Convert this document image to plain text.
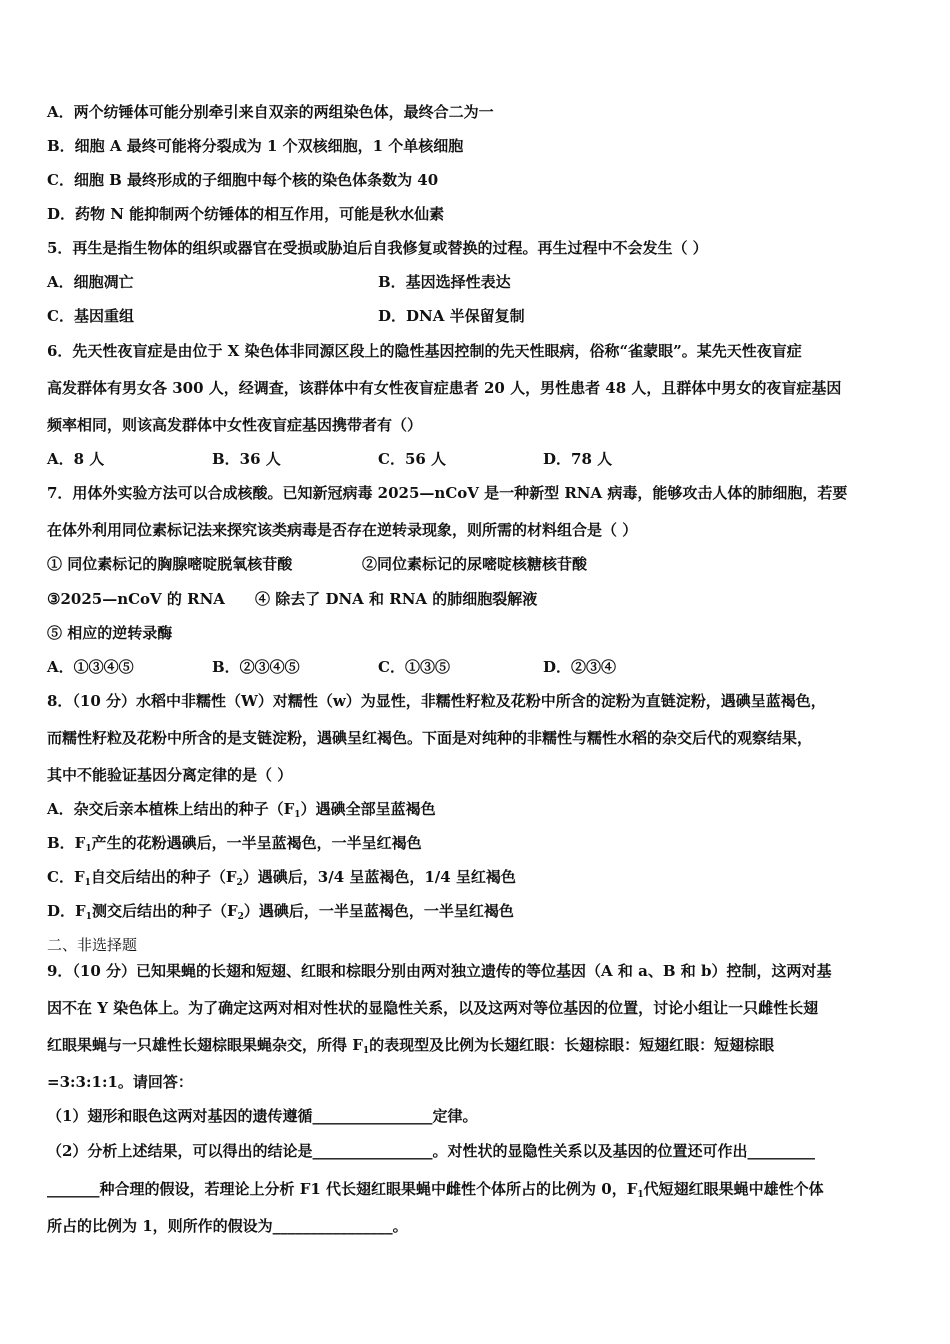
A．两个纺锤体可能分别牵引来自双亲的两组染色体，最终合二为一
B．细胞 A 最终可能将分裂成为 1 个双核细胞，1 个单核细胞
C．细胞 B 最终形成的子细胞中每个核的染色体条数为 40
D．药物 N 能抑制两个纺锤体的相互作用，可能是秋水仙素
5．再生是指生物体的组织或器官在受损或胁迫后自我修复或替换的过程。再生过程中不会发生（ ）
A．细胞凋亡	B．基因选择性表达
C．基因重组	D．DNA 半保留复制
6．先天性夜盲症是由位于 X 染色体非同源区段上的隐性基因控制的先天性眼病，俗称“雀蒙眼”。某先天性夜盲症
高发群体有男女各 300 人，经调查，该群体中有女性夜盲症患者 20 人，男性患者 48 人，且群体中男女的夜盲症基因
频率相同，则该高发群体中女性夜盲症基因携带者有（）
A．8 人	B．36 人	C．56 人	D．78 人
7．用体外实验方法可以合成核酸。已知新冠病毒 2025—nCoV 是一种新型 RNA 病毒，能够攻击人体的肺细胞，若要
在体外利用同位素标记法来探究该类病毒是否存在逆转录现象，则所需的材料组合是（ ）
① 同位素标记的胸腺嘧啶脱氧核苷酸	②同位素标记的尿嘧啶核糖核苷酸
③2025—nCoV 的 RNA ④ 除去了 DNA 和 RNA 的肺细胞裂解液
⑤ 相应的逆转录酶
A．①③④⑤	B．②③④⑤	C．①③⑤	D．②③④
8．（10 分）水稻中非糯性（W）对糯性（w）为显性，非糯性籽粒及花粉中所含的淀粉为直链淀粉，遇碘呈蓝褐色，
而糯性籽粒及花粉中所含的是支链淀粉，遇碘呈红褐色。下面是对纯种的非糯性与糯性水稻的杂交后代的观察结果，
其中不能验证基因分离定律的是（ ）
A．杂交后亲本植株上结出的种子$(F_1)$遇碘全部呈蓝褐色
B．$F_1$产生的花粉遇碘后，一半呈蓝褐色，一半呈红褐色
C．$F_1$自交后结出的种子$(F_2)$遇碘后，3/4 呈蓝褐色，1/4 呈红褐色
D．$F_1$测交后结出的种子$(F_2)$遇碘后，一半呈蓝褐色，一半呈红褐色
二、非选择题
9．（10 分）已知果蝇的长翅和短翅、红眼和棕眼分别由两对独立遗传的等位基因（A 和 a、B 和 b）控制，这两对基
因不在 Y 染色体上。为了确定这两对相对性状的显隐性关系，以及这两对等位基因的位置，讨论小组让一只雌性长翅
红眼果蝇与一只雄性长翅棕眼果蝇杂交，所得 $F_1$的表现型及比例为长翅红眼：长翅棕眼：短翅红眼：短翅棕眼
=3:3:1:1。请回答：
（1）翅形和眼色这两对基因的遗传遵循________________定律。
（2）分析上述结果，可以得出的结论是________________。对性状的显隐性关系以及基因的位置还可作出_________
_______种合理的假设，若理论上分析 F1 代长翅红眼果蝇中雌性个体所占的比例为 0，$F_1$代短翅红眼果蝇中雄性个体
所占的比例为 1，则所作的假设为________________。
